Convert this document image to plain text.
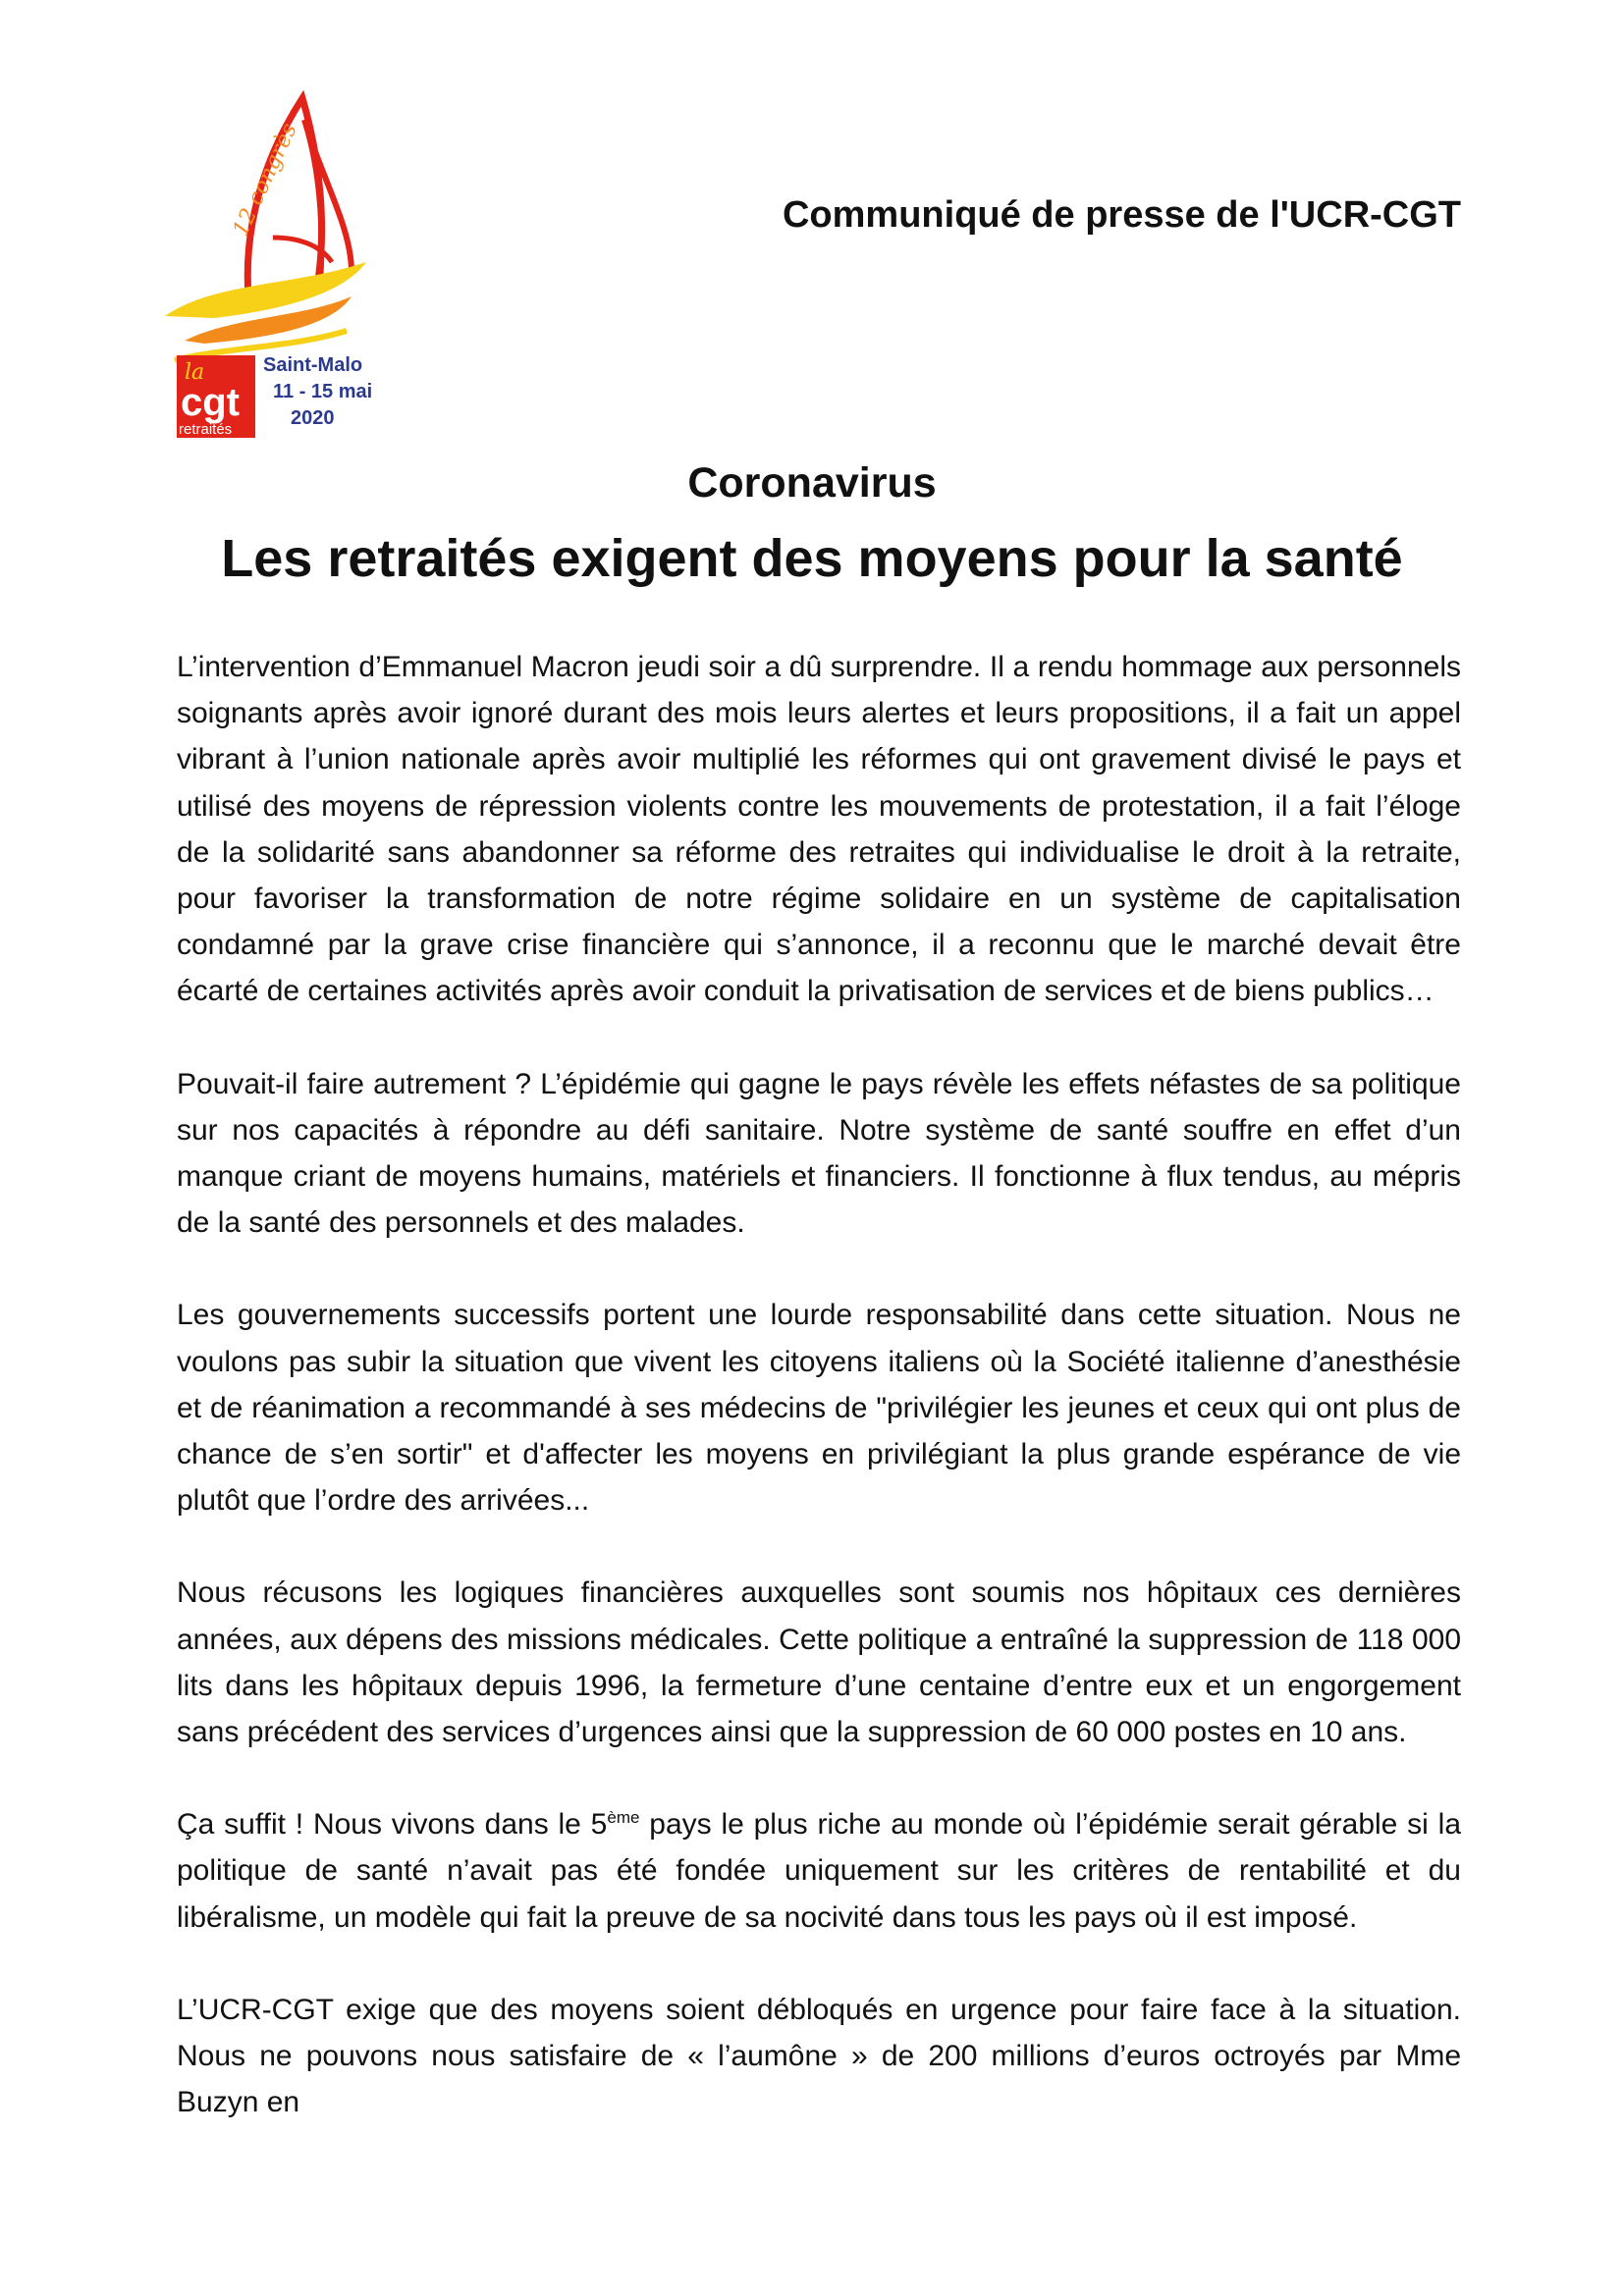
12 congrès
la
cgt
retraités
Saint-Malo
11 - 15 mai
2020
Communiqué de presse de l'UCR-CGT
Coronavirus
Les retraités exigent des moyens pour la santé

L’intervention d’Emmanuel Macron jeudi soir a dû surprendre. Il a rendu hommage aux personnels soignants après avoir ignoré durant des mois leurs alertes et leurs propositions, il a fait un appel vibrant à l’union nationale après avoir multiplié les réformes qui ont gravement divisé le pays et utilisé des moyens de répression violents contre les mouvements de protestation, il a fait l’éloge de la solidarité sans abandonner sa réforme des retraites qui individualise le droit à la retraite, pour favoriser la transformation de notre régime solidaire en un système de capitalisation condamné par la grave crise financière qui s’annonce, il a reconnu que le marché devait être écarté de certaines activités après avoir conduit la privatisation de services et de biens publics…

Pouvait-il faire autrement ? L’épidémie qui gagne le pays révèle les effets néfastes de sa politique sur nos capacités à répondre au défi sanitaire. Notre système de santé souffre en effet d’un manque criant de moyens humains, matériels et financiers. Il fonctionne à flux tendus, au mépris de la santé des personnels et des malades.

Les gouvernements successifs portent une lourde responsabilité dans cette situation. Nous ne voulons pas subir la situation que vivent les citoyens italiens où la Société italienne d’anesthésie et de réanimation a recommandé à ses médecins de "privilégier les jeunes et ceux qui ont plus de chance de s’en sortir" et d'affecter les moyens en privilégiant la plus grande espérance de vie plutôt que l’ordre des arrivées...

Nous récusons les logiques financières auxquelles sont soumis nos hôpitaux ces dernières années, aux dépens des missions médicales. Cette politique a entraîné la suppression de 118 000 lits dans les hôpitaux depuis 1996, la fermeture d’une centaine d’entre eux et un engorgement sans précédent des services d’urgences ainsi que la suppression de 60 000 postes en 10 ans.

Ça suffit ! Nous vivons dans le 5ème pays le plus riche au monde où l’épidémie serait gérable si la politique de santé n’avait pas été fondée uniquement sur les critères de rentabilité et du libéralisme, un modèle qui fait la preuve de sa nocivité dans tous les pays où il est imposé.

L’UCR-CGT exige que des moyens soient débloqués en urgence pour faire face à la situation. Nous ne pouvons nous satisfaire de « l’aumône » de 200 millions d’euros octroyés par Mme Buzyn en
